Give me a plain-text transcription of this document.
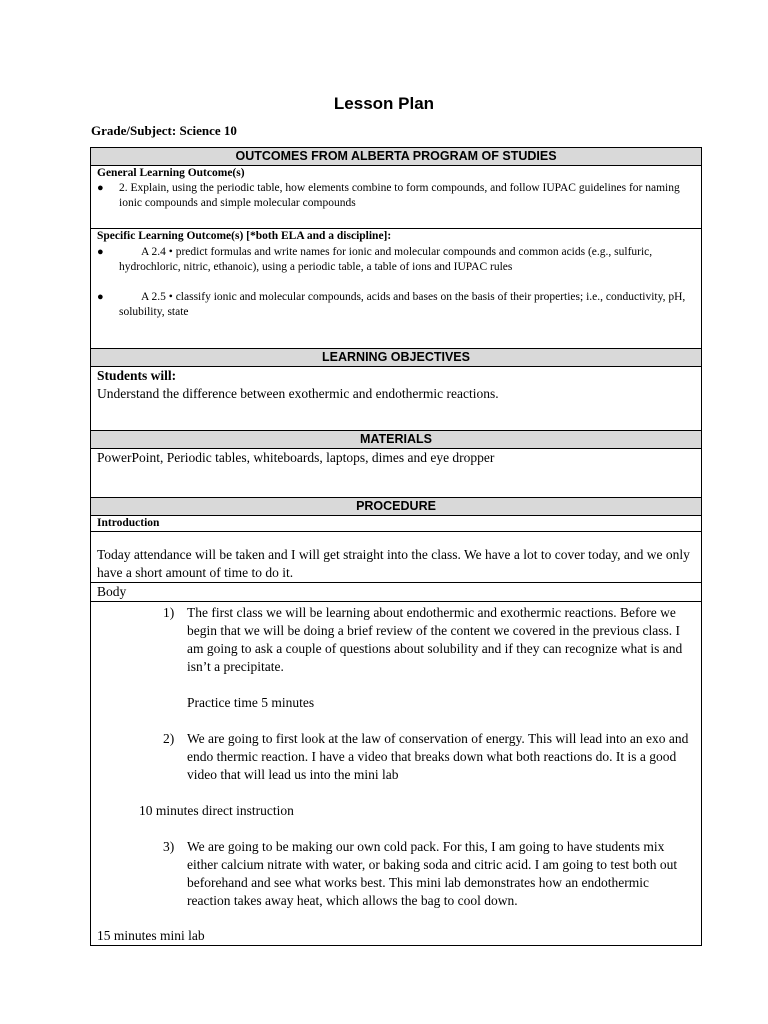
Lesson Plan
Grade/Subject: Science 10
OUTCOMES FROM ALBERTA PROGRAM OF STUDIES

General Learning Outcome(s)
●	2. Explain, using the periodic table, how elements combine to form compounds, and follow IUPAC guidelines for naming ionic compounds and simple molecular compounds

Specific Learning Outcome(s) [*both ELA and a discipline]:
●	A 2.4 • predict formulas and write names for ionic and molecular compounds and common acids (e.g., sulfuric, hydrochloric, nitric, ethanoic), using a periodic table, a table of ions and IUPAC rules
●	A 2.5 • classify ionic and molecular compounds, acids and bases on the basis of their properties; i.e., conductivity, pH, solubility, state

LEARNING OBJECTIVES

Students will:
Understand the difference between exothermic and endothermic reactions.

MATERIALS

PowerPoint, Periodic tables, whiteboards, laptops, dimes and eye dropper

PROCEDURE

Introduction

Today attendance will be taken and I will get straight into the class. We have a lot to cover today, and we only have a short amount of time to do it.

Body

1) The first class we will be learning about endothermic and exothermic reactions. Before we begin that we will be doing a brief review of the content we covered in the previous class. I am going to ask a couple of questions about solubility and if they can recognize what is and isn’t a precipitate.
Practice time 5 minutes
2) We are going to first look at the law of conservation of energy. This will lead into an exo and endo thermic reaction. I have a video that breaks down what both reactions do. It is a good video that will lead us into the mini lab
10 minutes direct instruction
3) We are going to be making our own cold pack. For this, I am going to have students mix either calcium nitrate with water, or baking soda and citric acid. I am going to test both out beforehand and see what works best. This mini lab demonstrates how an endothermic reaction takes away heat, which allows the bag to cool down.
15 minutes mini lab
